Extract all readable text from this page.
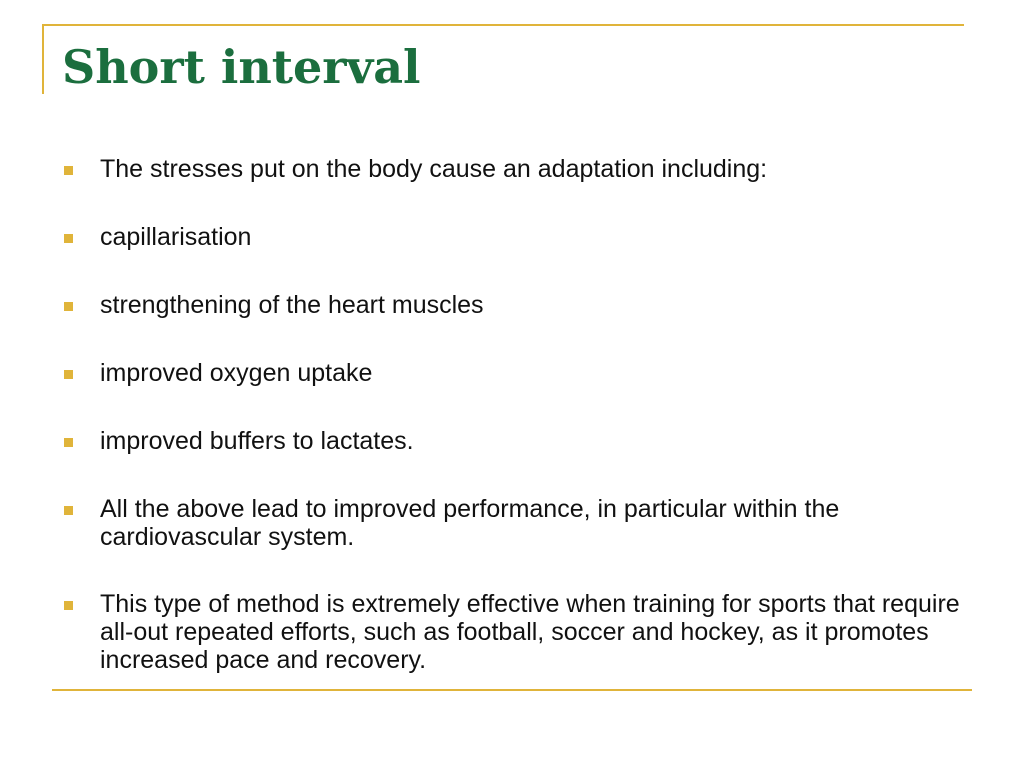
Short interval
The stresses put on the body cause an adaptation including:
capillarisation
strengthening of the heart muscles
improved oxygen uptake
improved buffers to lactates.
All the above lead to improved performance, in particular within the cardiovascular system.
This type of method is extremely effective when training for sports that require all-out repeated efforts, such as football, soccer and hockey, as it promotes increased pace and recovery.
